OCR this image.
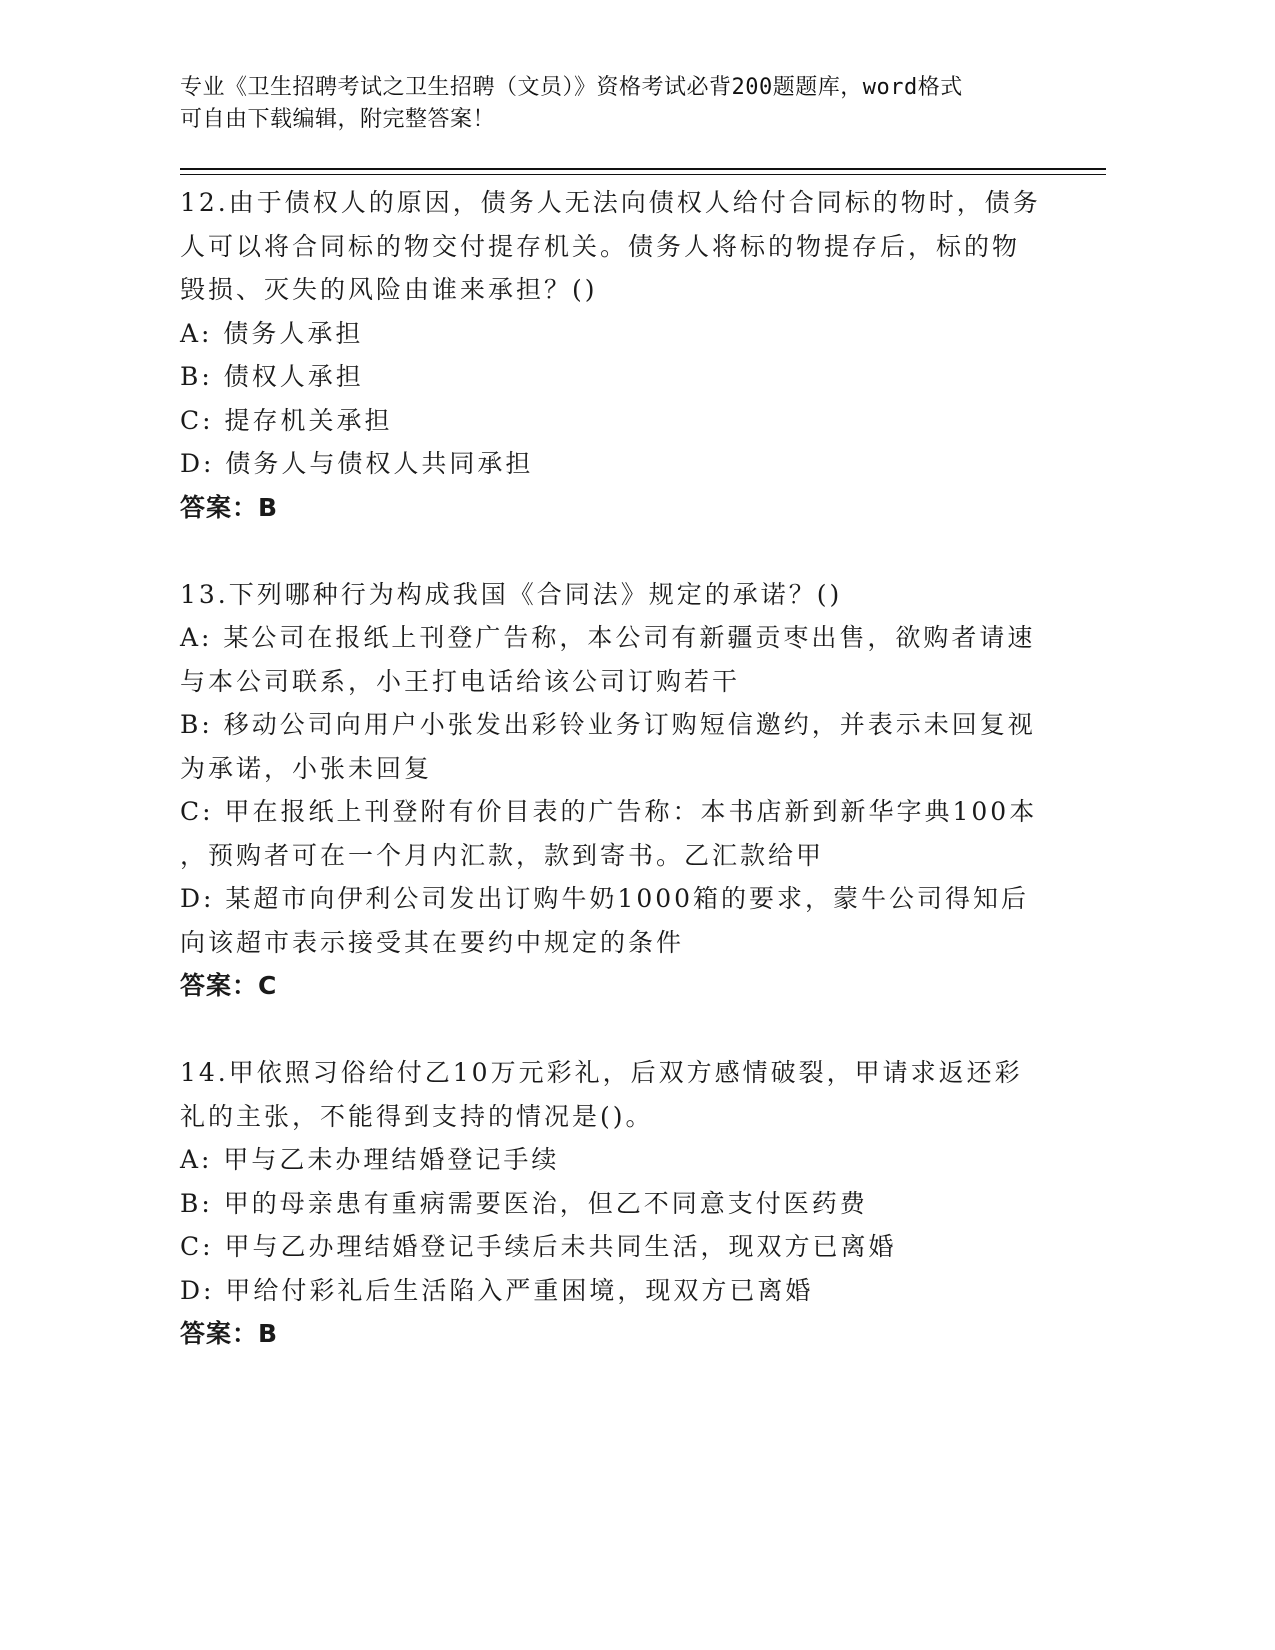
专业《卫生招聘考试之卫生招聘（文员）》资格考试必背200题题库，word格式
可自由下载编辑，附完整答案！
12.由于债权人的原因，债务人无法向债权人给付合同标的物时，债务
人可以将合同标的物交付提存机关。债务人将标的物提存后，标的物
毁损、灭失的风险由谁来承担？()
A: 债务人承担
B: 债权人承担
C: 提存机关承担
D: 债务人与债权人共同承担
答案：B
13.下列哪种行为构成我国《合同法》规定的承诺？()
A: 某公司在报纸上刊登广告称，本公司有新疆贡枣出售，欲购者请速
与本公司联系，小王打电话给该公司订购若干
B: 移动公司向用户小张发出彩铃业务订购短信邀约，并表示未回复视
为承诺，小张未回复
C: 甲在报纸上刊登附有价目表的广告称：本书店新到新华字典100本
，预购者可在一个月内汇款，款到寄书。乙汇款给甲
D: 某超市向伊利公司发出订购牛奶1000箱的要求，蒙牛公司得知后
向该超市表示接受其在要约中规定的条件
答案：C
14.甲依照习俗给付乙10万元彩礼，后双方感情破裂，甲请求返还彩
礼的主张，不能得到支持的情况是()。
A: 甲与乙未办理结婚登记手续
B: 甲的母亲患有重病需要医治，但乙不同意支付医药费
C: 甲与乙办理结婚登记手续后未共同生活，现双方已离婚
D: 甲给付彩礼后生活陷入严重困境，现双方已离婚
答案：B
